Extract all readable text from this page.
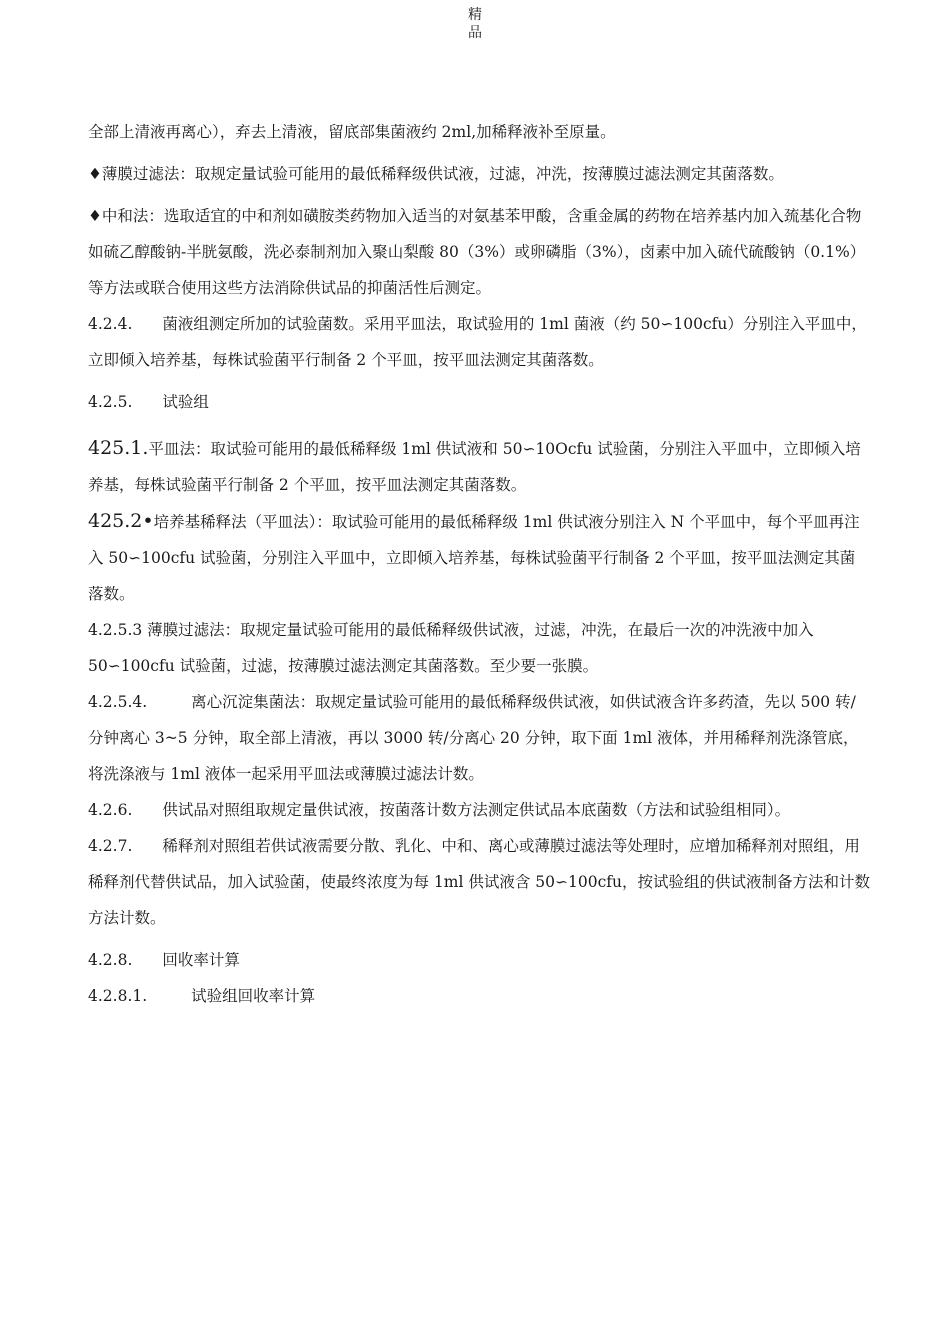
精
品

全部上清液再离心），弃去上清液，留底部集菌液约 2ml,加稀释液补至原量。

♦薄膜过滤法：取规定量试验可能用的最低稀释级供试液，过滤，冲洗，按薄膜过滤法测定其菌落数。

♦中和法：选取适宜的中和剂如磺胺类药物加入适当的对氨基苯甲酸，含重金属的药物在培养基内加入巯基化合物如硫乙醇酸钠-半胱氨酸，洗必泰制剂加入聚山梨酸 80（3%）或卵磷脂（3%），卤素中加入硫代硫酸钠（0.1%）等方法或联合使用这些方法消除供试品的抑菌活性后测定。

4.2.4. 菌液组测定所加的试验菌数。采用平皿法，取试验用的 1ml 菌液（约 50∽100cfu）分别注入平皿中，立即倾入培养基，每株试验菌平行制备 2 个平皿，按平皿法测定其菌落数。

4.2.5. 试验组

425.1.平皿法：取试验可能用的最低稀释级 1ml 供试液和 50∽10Ocfu 试验菌，分别注入平皿中，立即倾入培养基，每株试验菌平行制备 2 个平皿，按平皿法测定其菌落数。

425.2•培养基稀释法（平皿法）：取试验可能用的最低稀释级 1ml 供试液分别注入 N 个平皿中，每个平皿再注入 50∽100cfu 试验菌，分别注入平皿中，立即倾入培养基，每株试验菌平行制备 2 个平皿，按平皿法测定其菌落数。

4.2.5.3 薄膜过滤法：取规定量试验可能用的最低稀释级供试液，过滤，冲洗，在最后一次的冲洗液中加入 50∽100cfu 试验菌，过滤，按薄膜过滤法测定其菌落数。至少要一张膜。

4.2.5.4.	离心沉淀集菌法：取规定量试验可能用的最低稀释级供试液，如供试液含许多药渣，先以 500 转/分钟离心 3~5 分钟，取全部上清液，再以 3000 转/分离心 20 分钟，取下面 1ml 液体，并用稀释剂洗涤管底，将洗涤液与 1ml 液体一起采用平皿法或薄膜过滤法计数。

4.2.6. 供试品对照组取规定量供试液，按菌落计数方法测定供试品本底菌数（方法和试验组相同）。

4.2.7. 稀释剂对照组若供试液需要分散、乳化、中和、离心或薄膜过滤法等处理时，应增加稀释剂对照组，用稀释剂代替供试品，加入试验菌，使最终浓度为每 1ml 供试液含 50∽100cfu，按试验组的供试液制备方法和计数方法计数。

4.2.8. 回收率计算

4.2.8.1.	试验组回收率计算
